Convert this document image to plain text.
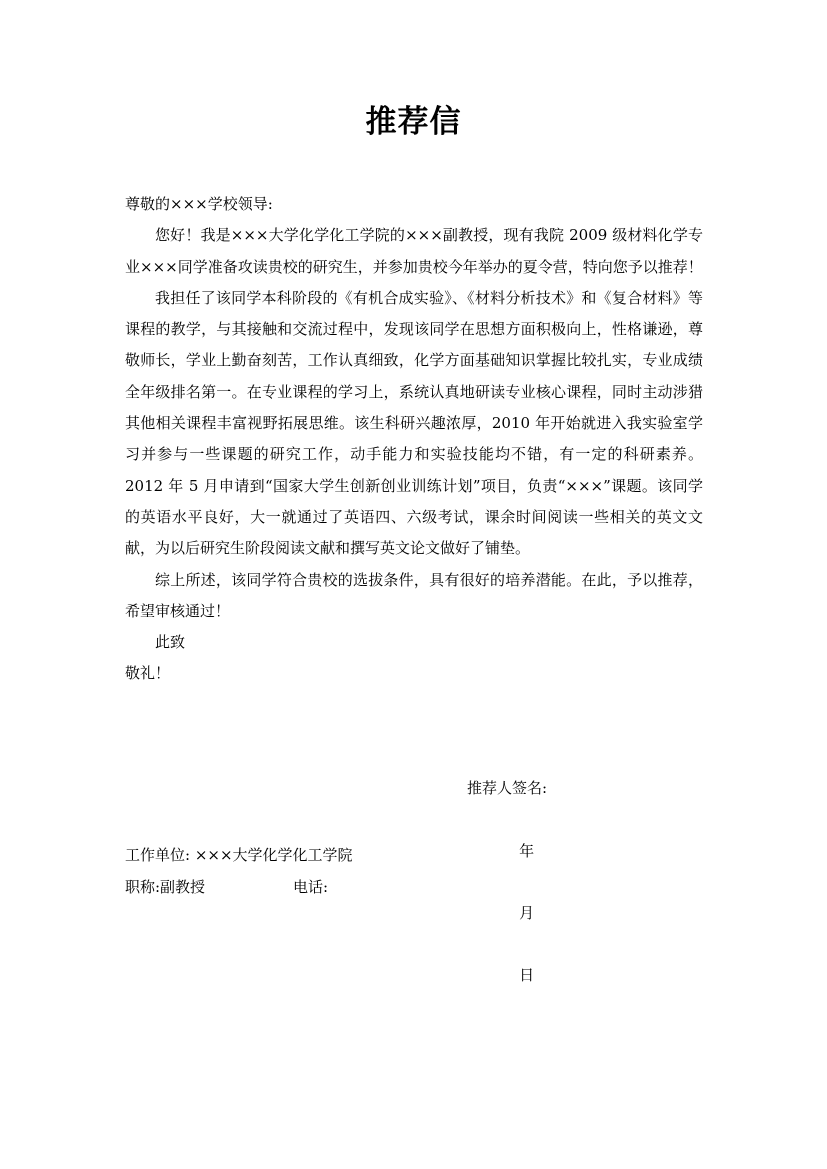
推荐信

尊敬的×××学校领导:

您好！我是×××大学化学化工学院的×××副教授，现有我院 2009 级材料化学专业×××同学准备攻读贵校的研究生，并参加贵校今年举办的夏令营，特向您予以推荐！

我担任了该同学本科阶段的《有机合成实验》、《材料分析技术》和《复合材料》等课程的教学，与其接触和交流过程中，发现该同学在思想方面积极向上，性格谦逊，尊敬师长，学业上勤奋刻苦，工作认真细致，化学方面基础知识掌握比较扎实，专业成绩全年级排名第一。在专业课程的学习上，系统认真地研读专业核心课程，同时主动涉猎其他相关课程丰富视野拓展思维。该生科研兴趣浓厚，2010 年开始就进入我实验室学习并参与一些课题的研究工作，动手能力和实验技能均不错，有一定的科研素养。2012 年 5 月申请到“国家大学生创新创业训练计划”项目，负责“×××”课题。该同学的英语水平良好，大一就通过了英语四、六级考试，课余时间阅读一些相关的英文文献，为以后研究生阶段阅读文献和撰写英文论文做好了铺垫。

综上所述，该同学符合贵校的选拔条件，具有很好的培养潜能。在此，予以推荐，希望审核通过！

此致

敬礼！

推荐人签名:

年

月

日

工作单位: ×××大学化学化工学院
职称:副教授	电话:
